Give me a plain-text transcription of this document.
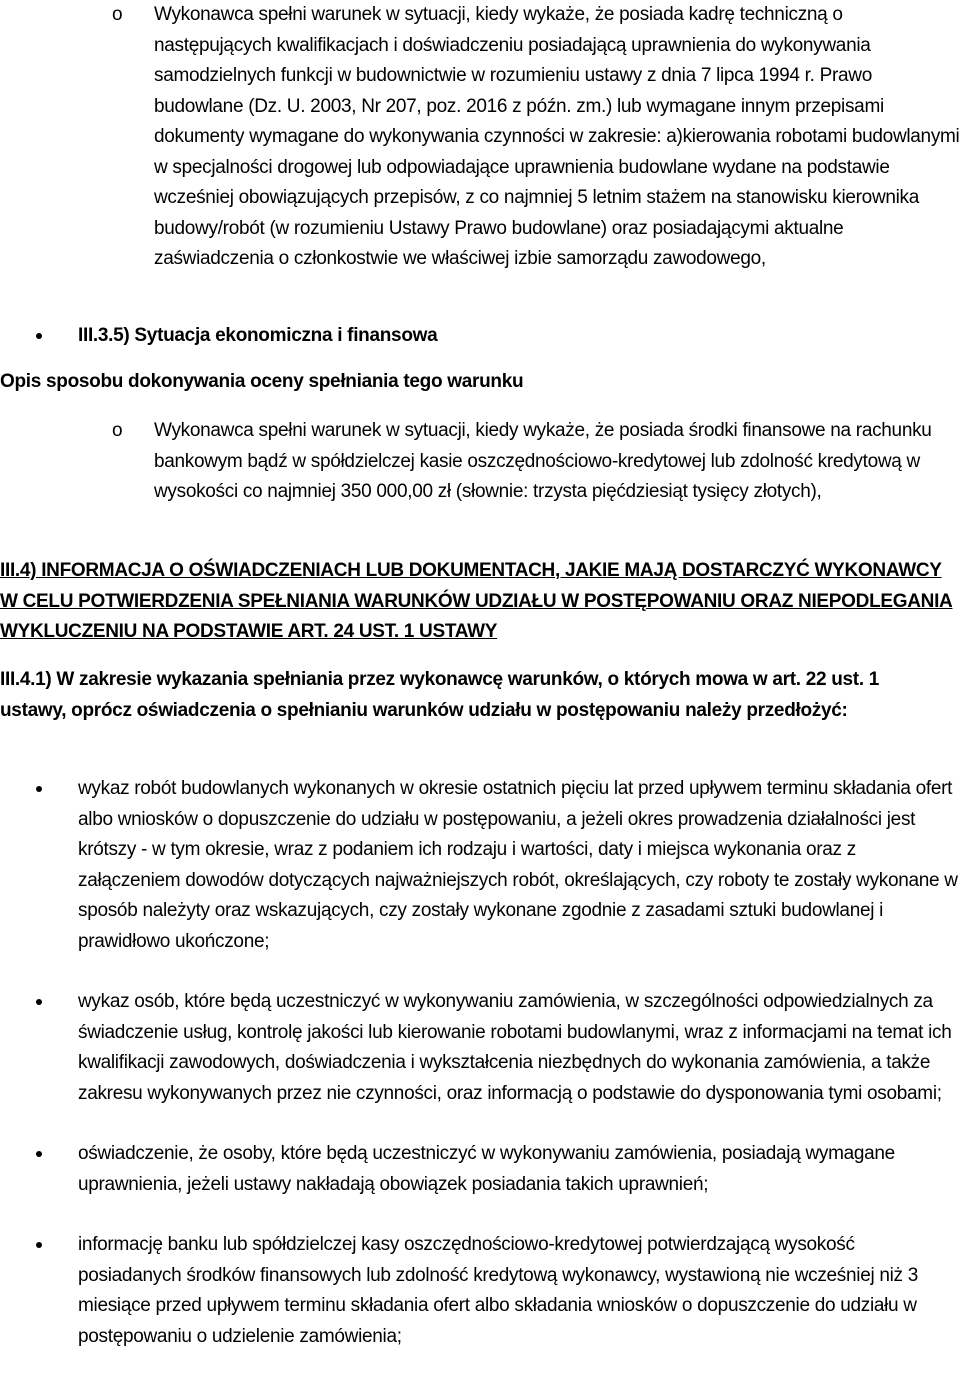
o Wykonawca spełni warunek w sytuacji, kiedy wykaże, że posiada kadrę techniczną o następujących kwalifikacjach i doświadczeniu posiadającą uprawnienia do wykonywania samodzielnych funkcji w budownictwie w rozumieniu ustawy z dnia 7 lipca 1994 r. Prawo budowlane (Dz. U. 2003, Nr 207, poz. 2016 z późn. zm.) lub wymagane innym przepisami dokumenty wymagane do wykonywania czynności w zakresie: a)kierowania robotami budowlanymi w specjalności drogowej lub odpowiadające uprawnienia budowlane wydane na podstawie wcześniej obowiązujących przepisów, z co najmniej 5 letnim stażem na stanowisku kierownika budowy/robót (w rozumieniu Ustawy Prawo budowlane) oraz posiadającymi aktualne zaświadczenia o członkostwie we właściwej izbie samorządu zawodowego,
III.3.5) Sytuacja ekonomiczna i finansowa
Opis sposobu dokonywania oceny spełniania tego warunku
o Wykonawca spełni warunek w sytuacji, kiedy wykaże, że posiada środki finansowe na rachunku bankowym bądź w spółdzielczej kasie oszczędnościowo-kredytowej lub zdolność kredytową w wysokości co najmniej 350 000,00 zł (słownie: trzysta pięćdziesiąt tysięcy złotych),
III.4) INFORMACJA O OŚWIADCZENIACH LUB DOKUMENTACH, JAKIE MAJĄ DOSTARCZYĆ WYKONAWCY W CELU POTWIERDZENIA SPEŁNIANIA WARUNKÓW UDZIAŁU W POSTĘPOWANIU ORAZ NIEPODLEGANIA WYKLUCZENIU NA PODSTAWIE ART. 24 UST. 1 USTAWY
III.4.1) W zakresie wykazania spełniania przez wykonawcę warunków, o których mowa w art. 22 ust. 1 ustawy, oprócz oświadczenia o spełnianiu warunków udziału w postępowaniu należy przedłożyć:
wykaz robót budowlanych wykonanych w okresie ostatnich pięciu lat przed upływem terminu składania ofert albo wniosków o dopuszczenie do udziału w postępowaniu, a jeżeli okres prowadzenia działalności jest krótszy - w tym okresie, wraz z podaniem ich rodzaju i wartości, daty i miejsca wykonania oraz z załączeniem dowodów dotyczących najważniejszych robót, określających, czy roboty te zostały wykonane w sposób należyty oraz wskazujących, czy zostały wykonane zgodnie z zasadami sztuki budowlanej i prawidłowo ukończone;
wykaz osób, które będą uczestniczyć w wykonywaniu zamówienia, w szczególności odpowiedzialnych za świadczenie usług, kontrolę jakości lub kierowanie robotami budowlanymi, wraz z informacjami na temat ich kwalifikacji zawodowych, doświadczenia i wykształcenia niezbędnych do wykonania zamówienia, a także zakresu wykonywanych przez nie czynności, oraz informacją o podstawie do dysponowania tymi osobami;
oświadczenie, że osoby, które będą uczestniczyć w wykonywaniu zamówienia, posiadają wymagane uprawnienia, jeżeli ustawy nakładają obowiązek posiadania takich uprawnień;
informację banku lub spółdzielczej kasy oszczędnościowo-kredytowej potwierdzającą wysokość posiadanych środków finansowych lub zdolność kredytową wykonawcy, wystawioną nie wcześniej niż 3 miesiące przed upływem terminu składania ofert albo składania wniosków o dopuszczenie do udziału w postępowaniu o udzielenie zamówienia;
